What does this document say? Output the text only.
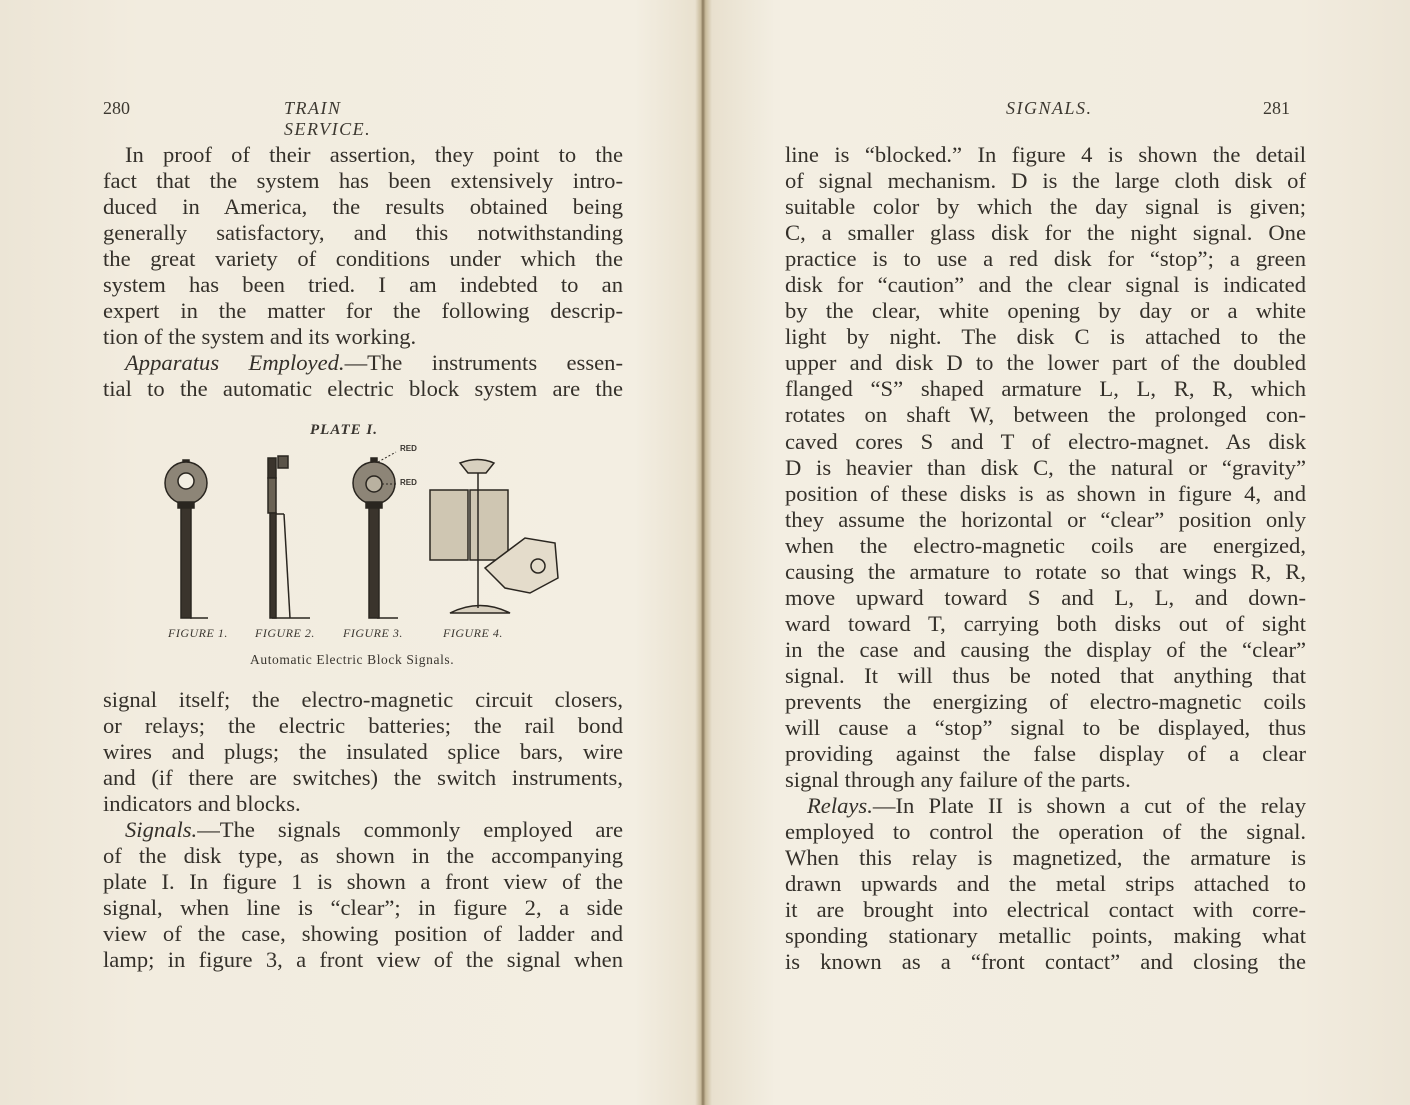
280	TRAIN SERVICE.

In proof of their assertion, they point to the

fact that the system has been extensively intro-

duced in America, the results obtained being

generally satisfactory, and this notwithstanding

the great variety of conditions under which the

system has been tried. I am indebted to an

expert in the matter for the following descrip-

tion of the system and its working.

Apparatus Employed.—The instruments essen-

tial to the automatic electric block system are the

PLATE I.
RED
RED
FIGURE 1. FIGURE 2. FIGURE 3.	FIGURE 4.
Automatic Electric Block Signals.

signal itself; the electro-magnetic circuit closers,

or relays; the electric batteries; the rail bond

wires and plugs; the insulated splice bars, wire

and (if there are switches) the switch instruments,

indicators and blocks.

Signals.—The signals commonly employed are

of the disk type, as shown in the accompanying

plate I. In figure 1 is shown a front view of the

signal, when line is “clear”; in figure 2, a side

view of the case, showing position of ladder and

lamp; in figure 3, a front view of the signal when

SIGNALS.	281

line is “blocked.” In figure 4 is shown the detail

of signal mechanism. D is the large cloth disk of

suitable color by which the day signal is given;

C, a smaller glass disk for the night signal. One

practice is to use a red disk for “stop”; a green

disk for “caution” and the clear signal is indicated

by the clear, white opening by day or a white

light by night. The disk C is attached to the

upper and disk D to the lower part of the doubled

flanged “S” shaped armature L, L, R, R, which

rotates on shaft W, between the prolonged con-

caved cores S and T of electro-magnet. As disk

D is heavier than disk C, the natural or “gravity”

position of these disks is as shown in figure 4, and

they assume the horizontal or “clear” position only

when the electro-magnetic coils are energized,

causing the armature to rotate so that wings R, R,

move upward toward S and L, L, and down-

ward toward T, carrying both disks out of sight

in the case and causing the display of the “clear”

signal. It will thus be noted that anything that

prevents the energizing of electro-magnetic coils

will cause a “stop” signal to be displayed, thus

providing against the false display of a clear

signal through any failure of the parts.

Relays.—In Plate II is shown a cut of the relay

employed to control the operation of the signal.

When this relay is magnetized, the armature is

drawn upwards and the metal strips attached to

it are brought into electrical contact with corre-

sponding stationary metallic points, making what

is known as a “front contact” and closing the
